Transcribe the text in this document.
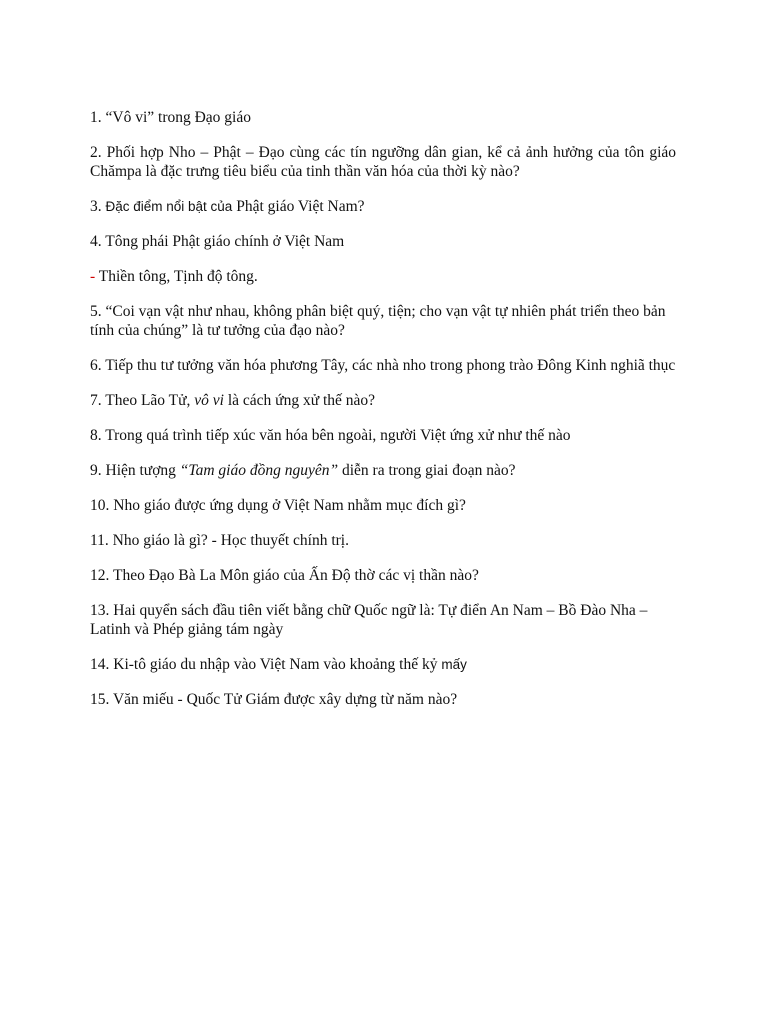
1. “Vô vi” trong Đạo giáo

2. Phối hợp Nho – Phật – Đạo cùng các tín ngưỡng dân gian, kể cả ảnh hưởng của tôn giáo Chămpa là đặc trưng tiêu biểu của tinh thần văn hóa của thời kỳ nào?

3. Đặc điểm nổi bật của Phật giáo Việt Nam?

4. Tông phái Phật giáo chính ở Việt Nam

- Thiền tông, Tịnh độ tông.

5. “Coi vạn vật như nhau, không phân biệt quý, tiện; cho vạn vật tự nhiên phát triển theo bản tính của chúng” là tư tưởng của đạo nào?

6. Tiếp thu tư tưởng văn hóa phương Tây, các nhà nho trong phong trào Đông Kinh nghiã thục

7. Theo Lão Tử, vô vi là cách ứng xử thế nào?

8. Trong quá trình tiếp xúc văn hóa bên ngoài, người Việt ứng xử như thế nào

9. Hiện tượng “Tam giáo đồng nguyên” diễn ra trong giai đoạn nào?

10. Nho giáo được ứng dụng ở Việt Nam nhằm mục đích gì?

11. Nho giáo là gì? - Học thuyết chính trị.

12. Theo Đạo Bà La Môn giáo của Ấn Độ thờ các vị thần nào?

13. Hai quyển sách đầu tiên viết bằng chữ Quốc ngữ là: Tự điển An Nam – Bồ Đào Nha – Latinh và Phép giảng tám ngày

14. Ki-tô giáo du nhập vào Việt Nam vào khoảng thế kỷ mấy

15. Văn miếu - Quốc Tử Giám được xây dựng từ năm nào?
